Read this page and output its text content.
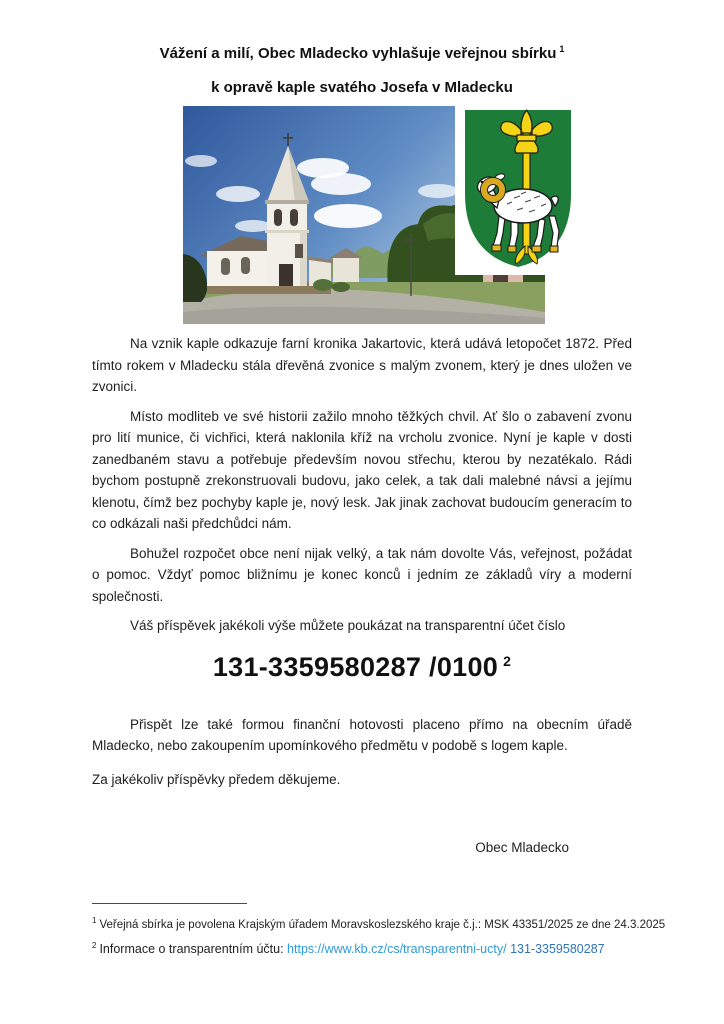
Vážení a milí, Obec Mladecko vyhlašuje veřejnou sbírku $^1$
k opravě kaple svatého Josefa v Mladecku

Na vznik kaple odkazuje farní kronika Jakartovic, která udává letopočet 1872. Před tímto rokem v Mladecku stála dřevěná zvonice s malým zvonem, který je dnes uložen ve zvonici.

Místo modliteb ve své historii zažilo mnoho těžkých chvil. Ať šlo o zabavení zvonu pro lití munice, či vichřici, která naklonila kříž na vrcholu zvonice. Nyní je kaple v dosti zanedbaném stavu a potřebuje především novou střechu, kterou by nezatékalo. Rádi bychom postupně zrekonstruovali budovu, jako celek, a tak dali malebné návsi a jejímu klenotu, čímž bez pochyby kaple je, nový lesk. Jak jinak zachovat budoucím generacím to co odkázali naši předchůdci nám.

Bohužel rozpočet obce není nijak velký, a tak nám dovolte Vás, veřejnost, požádat o pomoc. Vždyť pomoc bližnímu je konec konců i jedním ze základů víry a moderní společnosti.

Váš příspěvek jakékoli výše můžete poukázat na transparentní účet číslo

131-3359580287 /0100 $^2$

Přispět lze také formou finanční hotovosti placeno přímo na obecním úřadě Mladecko, nebo zakoupením upomínkového předmětu v podobě s logem kaple.

Za jakékoliv příspěvky předem děkujeme.

Obec Mladecko
$^1$ Veřejná sbírka je povolena Krajským úřadem Moravskoslezského kraje č.j.: MSK 43351/2025 ze dne 24.3.2025
$^2$ Informace o transparentním účtu: https://www.kb.cz/cs/transparentni-ucty/ 131-3359580287
